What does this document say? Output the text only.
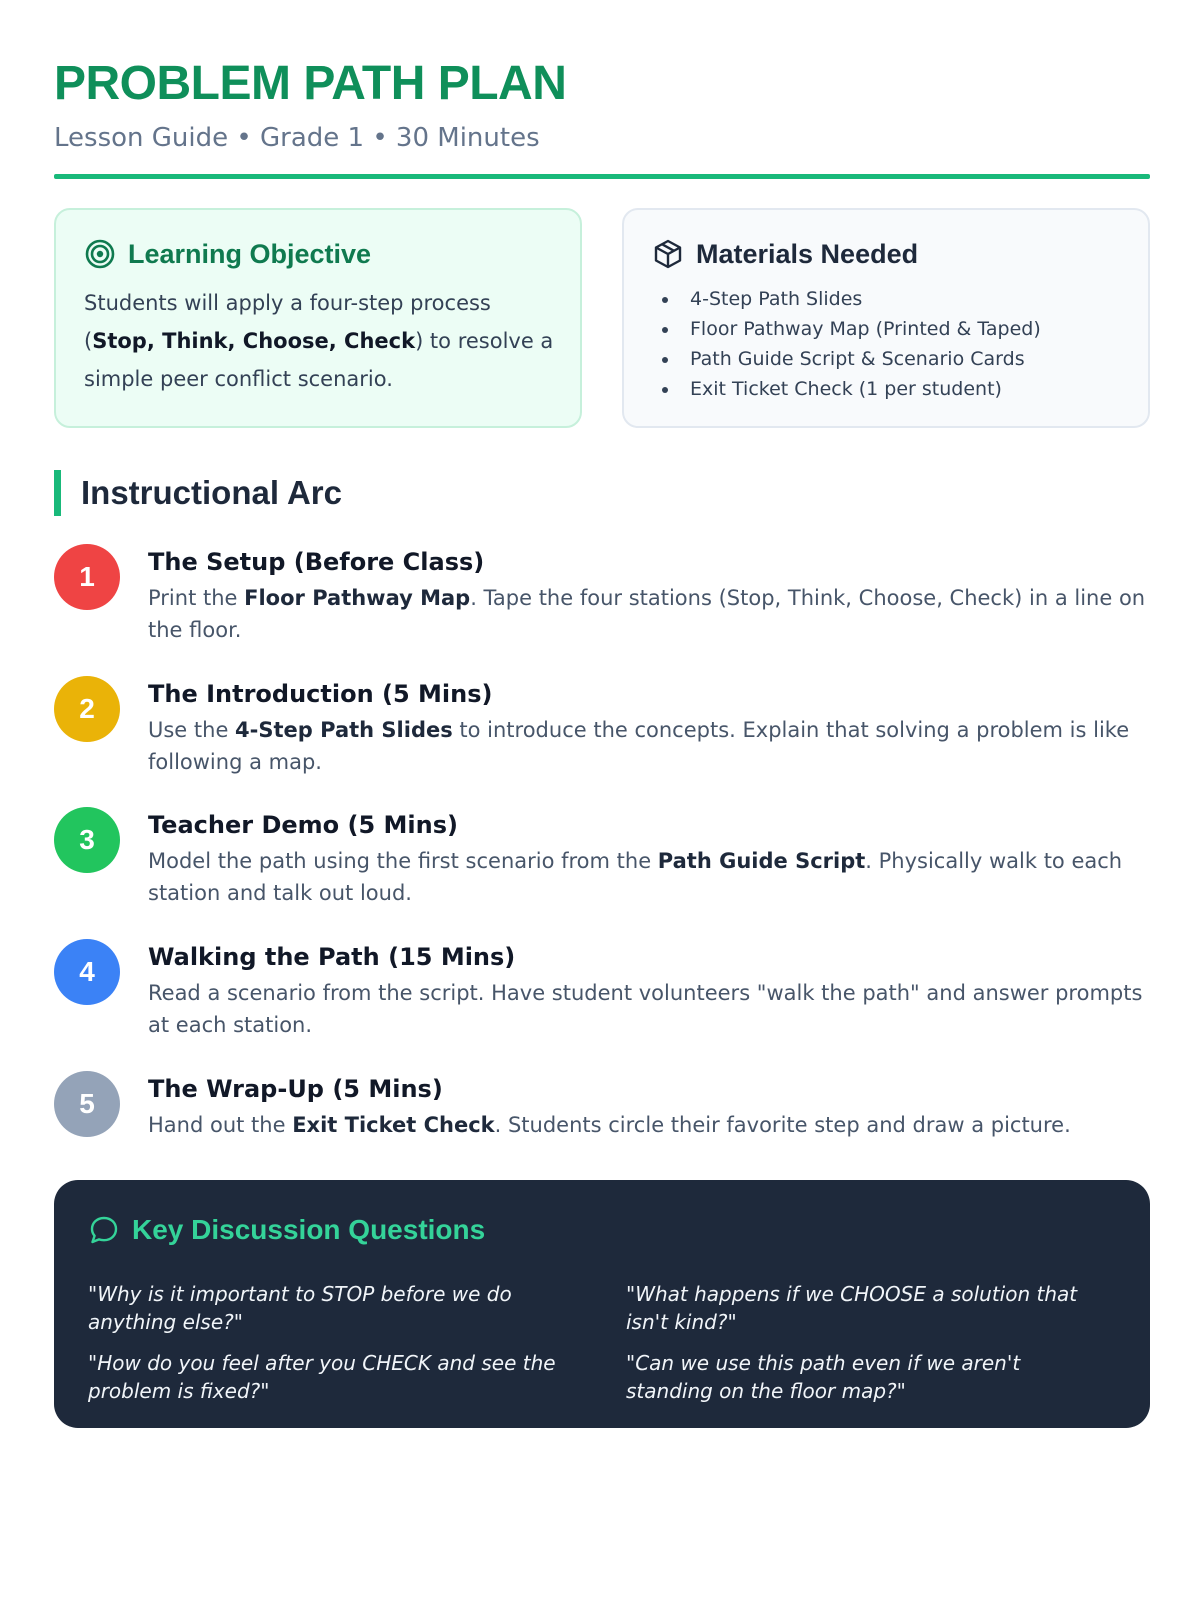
PROBLEM PATH PLAN
Lesson Guide • Grade 1 • 30 Minutes
Learning Objective

Students will apply a four-step process (Stop, Think, Choose, Check) to resolve a simple peer conflict scenario.

Materials Needed
• 4-Step Path Slides
• Floor Pathway Map (Printed & Taped)
• Path Guide Script & Scenario Cards
• Exit Ticket Check (1 per student)
Instructional Arc
1	The Setup (Before Class)

Print the Floor Pathway Map. Tape the four stations (Stop, Think, Choose, Check) in a line on the floor.

2	The Introduction (5 Mins)

Use the 4-Step Path Slides to introduce the concepts. Explain that solving a problem is like following a map.

3	Teacher Demo (5 Mins)

Model the path using the first scenario from the Path Guide Script. Physically walk to each station and talk out loud.

4	Walking the Path (15 Mins)

Read a scenario from the script. Have student volunteers "walk the path" and answer prompts at each station.

5	The Wrap-Up (5 Mins)

Hand out the Exit Ticket Check. Students circle their favorite step and draw a picture.

Key Discussion Questions

"Why is it important to STOP before we do anything else?"

"What happens if we CHOOSE a solution that isn't kind?"

"How do you feel after you CHECK and see the problem is fixed?"

"Can we use this path even if we aren't standing on the floor map?"
